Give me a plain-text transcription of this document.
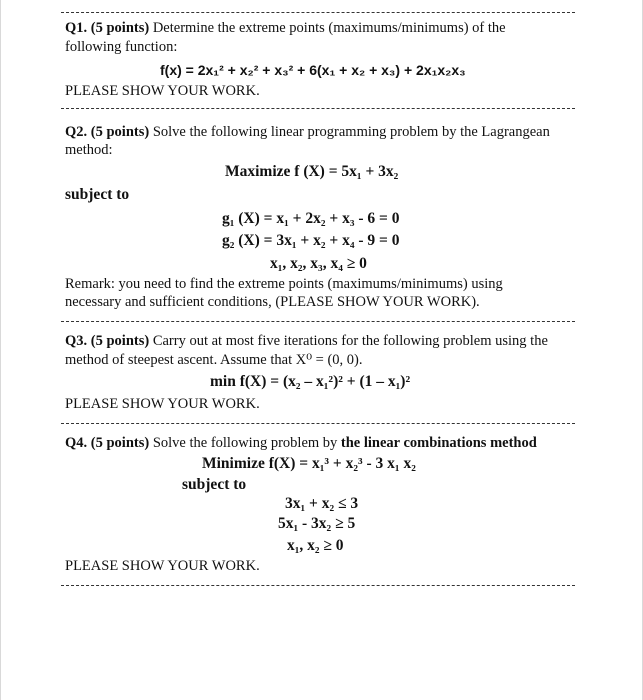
Q1. (5 points) Determine the extreme points (maximums/minimums) of the
following function:
f(x) = 2x₁² + x₂² + x₃² + 6(x₁ + x₂ + x₃) + 2x₁x₂x₃
PLEASE SHOW YOUR WORK.
Q2. (5 points) Solve the following linear programming problem by the Lagrangean
method:
Maximize f (X) = 5x₁ + 3x₂
subject to
g₁ (X) = x₁ + 2x₂ + x₃ - 6 = 0
g₂ (X) = 3x₁ + x₂ + x₄ - 9 = 0
x₁, x₂, x₃, x₄ ≥ 0
Remark: you need to find the extreme points (maximums/minimums) using
necessary and sufficient conditions, (PLEASE SHOW YOUR WORK).
Q3. (5 points) Carry out at most five iterations for the following problem using the
method of steepest ascent. Assume that X⁰ = (0, 0).
min f(X) = (x₂ – x₁²)² + (1 – x₁)²
PLEASE SHOW YOUR WORK.
Q4. (5 points) Solve the following problem by the linear combinations method
Minimize f(X) = x₁³ + x₂³ - 3 x₁ x₂
subject to
3x₁ + x₂ ≤ 3
5x₁ - 3x₂ ≥ 5
x₁, x₂ ≥ 0
PLEASE SHOW YOUR WORK.
